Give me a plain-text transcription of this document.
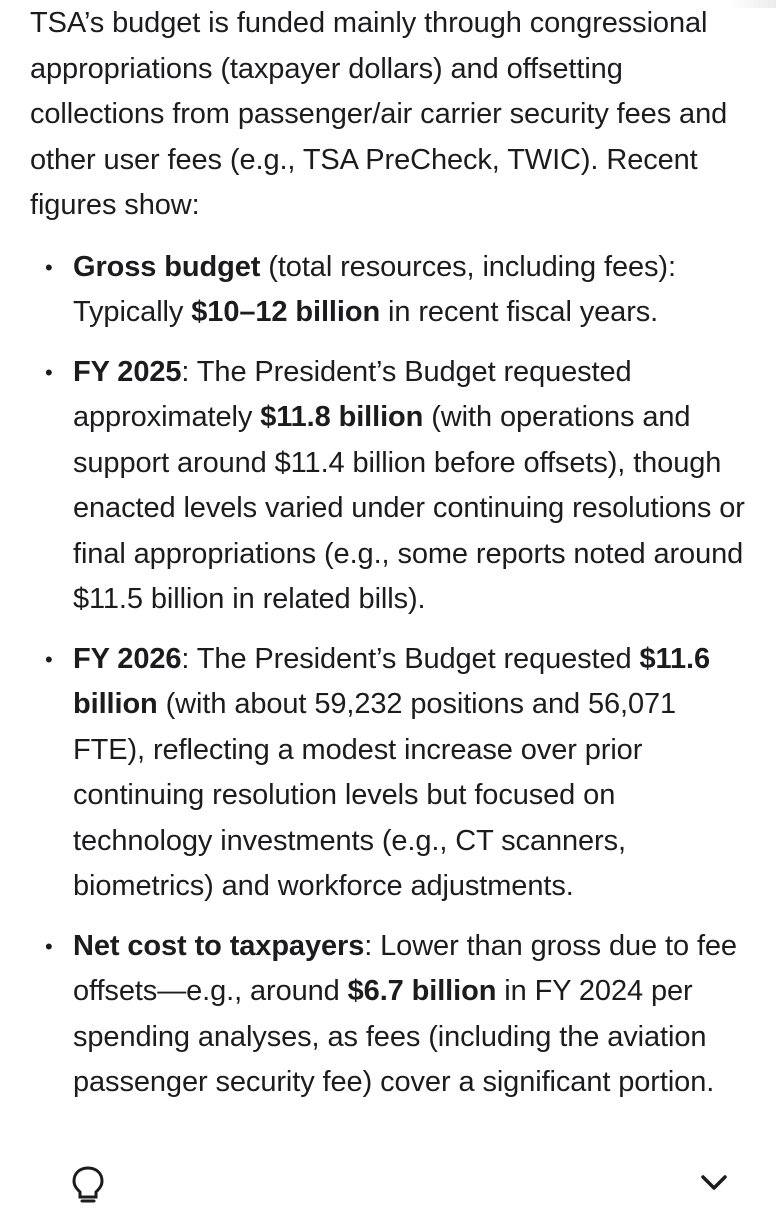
TSA’s budget is funded mainly through congressional appropriations (taxpayer dollars) and offsetting collections from passenger/air carrier security fees and other user fees (e.g., TSA PreCheck, TWIC). Recent figures show:

• Gross budget (total resources, including fees): Typically $10–12 billion in recent fiscal years.
• FY 2025: The President’s Budget requested approximately $11.8 billion (with operations and support around $11.4 billion before offsets), though enacted levels varied under continuing resolutions or final appropriations (e.g., some reports noted around $11.5 billion in related bills).
• FY 2026: The President’s Budget requested $11.6 billion (with about 59,232 positions and 56,071 FTE), reflecting a modest increase over prior continuing resolution levels but focused on technology investments (e.g., CT scanners, biometrics) and workforce adjustments.
• Net cost to taxpayers: Lower than gross due to fee offsets—e.g., around $6.7 billion in FY 2024 per spending analyses, as fees (including the aviation passenger security fee) cover a significant portion.
